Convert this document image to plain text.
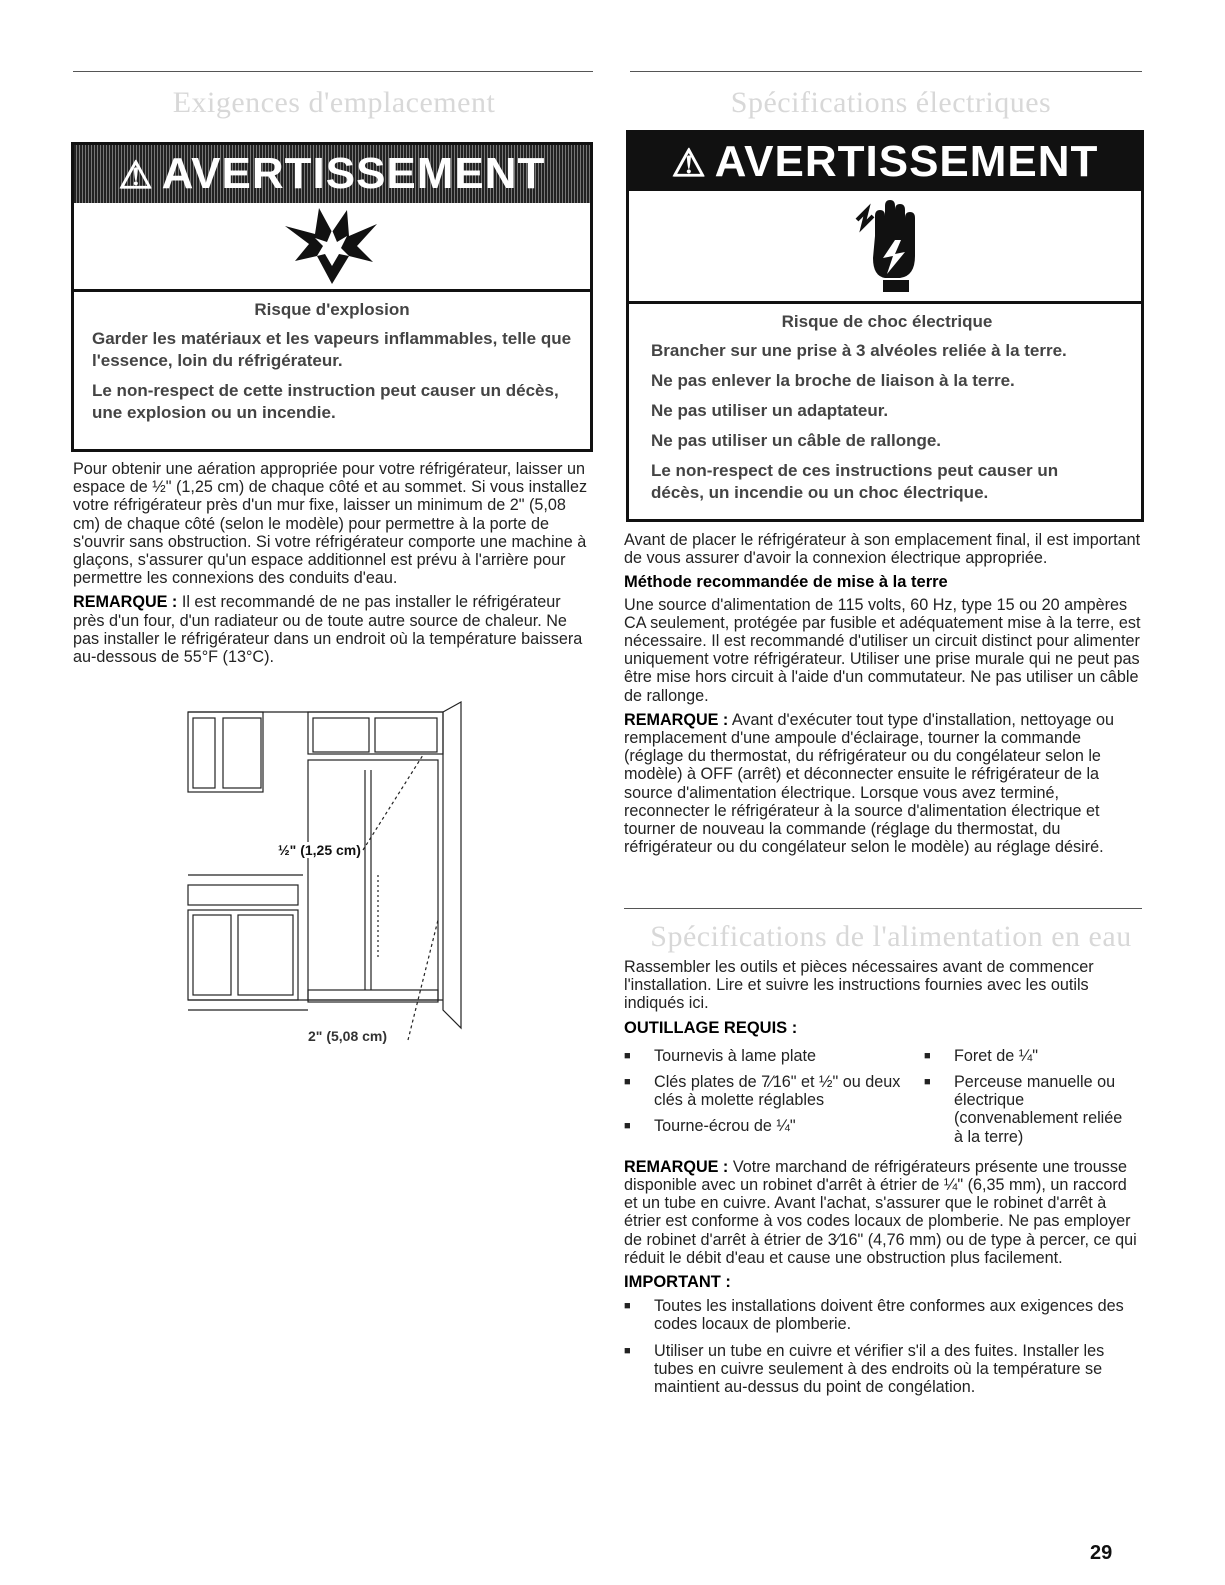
Exigences d'emplacement
⚠ AVERTISSEMENT
Risque d'explosion

Garder les matériaux et les vapeurs inflammables, telle que l'essence, loin du réfrigérateur.

Le non-respect de cette instruction peut causer un décès, une explosion ou un incendie.

Pour obtenir une aération appropriée pour votre réfrigérateur, laisser un espace de ½" (1,25 cm) de chaque côté et au sommet. Si vous installez votre réfrigérateur près d'un mur fixe, laisser un minimum de 2" (5,08 cm) de chaque côté (selon le modèle) pour permettre à la porte de s'ouvrir sans obstruction. Si votre réfrigérateur comporte une machine à glaçons, s'assurer qu'un espace additionnel est prévu à l'arrière pour permettre les connexions des conduits d'eau.

REMARQUE : Il est recommandé de ne pas installer le réfrigérateur près d'un four, d'un radiateur ou de toute autre source de chaleur. Ne pas installer le réfrigérateur dans un endroit où la température baissera au-dessous de 55°F (13°C).

½" (1,25 cm)
2" (5,08 cm)
Spécifications électriques
⚠ AVERTISSEMENT
Risque de choc électrique

Brancher sur une prise à 3 alvéoles reliée à la terre.

Ne pas enlever la broche de liaison à la terre.

Ne pas utiliser un adaptateur.

Ne pas utiliser un câble de rallonge.

Le non-respect de ces instructions peut causer un décès, un incendie ou un choc électrique.

Avant de placer le réfrigérateur à son emplacement final, il est important de vous assurer d'avoir la connexion électrique appropriée.

Méthode recommandée de mise à la terre

Une source d'alimentation de 115 volts, 60 Hz, type 15 ou 20 ampères CA seulement, protégée par fusible et adéquatement mise à la terre, est nécessaire. Il est recommandé d'utiliser un circuit distinct pour alimenter uniquement votre réfrigérateur. Utiliser une prise murale qui ne peut pas être mise hors circuit à l'aide d'un commutateur. Ne pas utiliser un câble de rallonge.

REMARQUE : Avant d'exécuter tout type d'installation, nettoyage ou remplacement d'une ampoule d'éclairage, tourner la commande (réglage du thermostat, du réfrigérateur ou du congélateur selon le modèle) à OFF (arrêt) et déconnecter ensuite le réfrigérateur de la source d'alimentation électrique. Lorsque vous avez terminé, reconnecter le réfrigérateur à la source d'alimentation électrique et tourner de nouveau la commande (réglage du thermostat, du réfrigérateur ou du congélateur selon le modèle) au réglage désiré.

Spécifications de l'alimentation en eau

Rassembler les outils et pièces nécessaires avant de commencer l'installation. Lire et suivre les instructions fournies avec les outils indiqués ici.

OUTILLAGE REQUIS :
■ Tournevis à lame plate
■ Clés plates de 7⁄16" et ½" ou deux clés à molette réglables
■ Tourne-écrou de ¼"
■ Foret de ¼"
■ Perceuse manuelle ou électrique (convenablement reliée à la terre)

REMARQUE : Votre marchand de réfrigérateurs présente une trousse disponible avec un robinet d'arrêt à étrier de ¼" (6,35 mm), un raccord et un tube en cuivre. Avant l'achat, s'assurer que le robinet d'arrêt à étrier est conforme à vos codes locaux de plomberie. Ne pas employer de robinet d'arrêt à étrier de 3⁄16" (4,76 mm) ou de type à percer, ce qui réduit le débit d'eau et cause une obstruction plus facilement.

IMPORTANT :
■ Toutes les installations doivent être conformes aux exigences des codes locaux de plomberie.
■ Utiliser un tube en cuivre et vérifier s'il a des fuites. Installer les tubes en cuivre seulement à des endroits où la température se maintient au-dessus du point de congélation.
29
